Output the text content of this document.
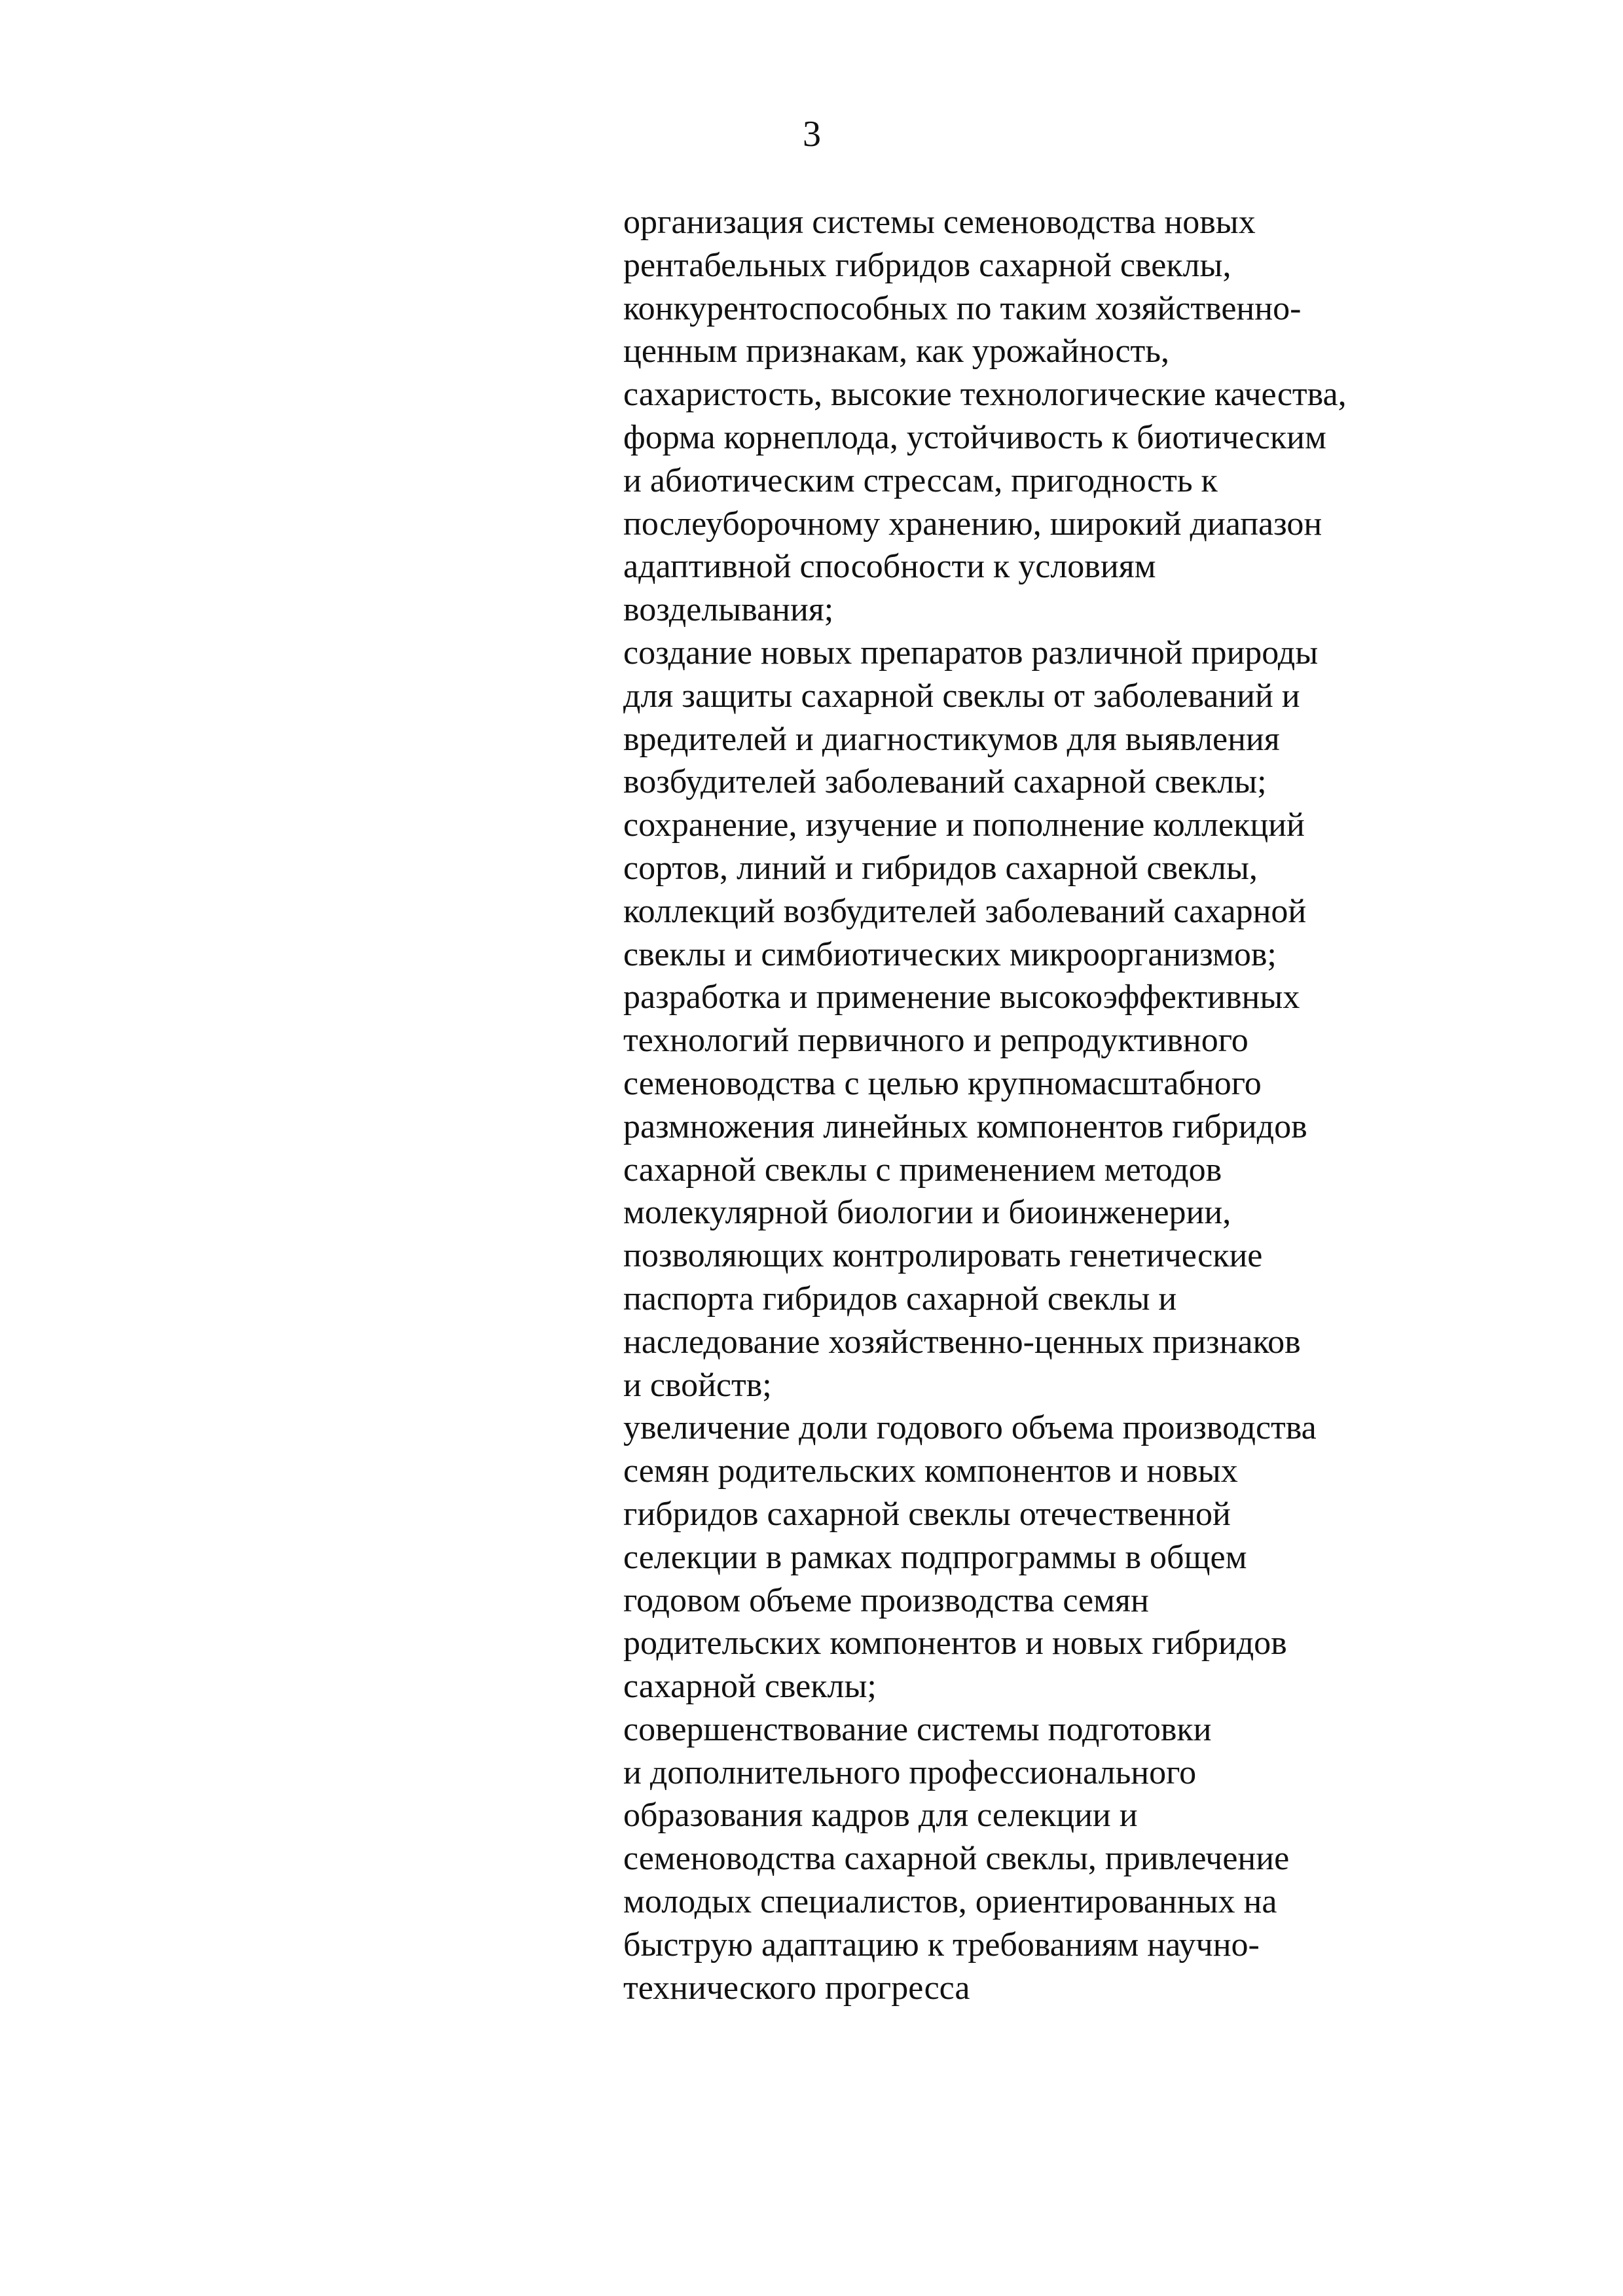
3
организация системы семеноводства новых
рентабельных гибридов сахарной свеклы,
конкурентоспособных по таким хозяйственно-
ценным признакам, как урожайность,
сахаристость, высокие технологические качества,
форма корнеплода, устойчивость к биотическим
и абиотическим стрессам, пригодность к
послеуборочному хранению, широкий диапазон
адаптивной способности к условиям
возделывания;
создание новых препаратов различной природы
для защиты сахарной свеклы от заболеваний и
вредителей и диагностикумов для выявления
возбудителей заболеваний сахарной свеклы;
сохранение, изучение и пополнение коллекций
сортов, линий и гибридов сахарной свеклы,
коллекций возбудителей заболеваний сахарной
свеклы и симбиотических микроорганизмов;
разработка и применение высокоэффективных
технологий первичного и репродуктивного
семеноводства с целью крупномасштабного
размножения линейных компонентов гибридов
сахарной свеклы с применением методов
молекулярной биологии и биоинженерии,
позволяющих контролировать генетические
паспорта гибридов сахарной свеклы и
наследование хозяйственно-ценных признаков
и свойств;
увеличение доли годового объема производства
семян родительских компонентов и новых
гибридов сахарной свеклы отечественной
селекции в рамках подпрограммы в общем
годовом объеме производства семян
родительских компонентов и новых гибридов
сахарной свеклы;
совершенствование системы подготовки
и дополнительного профессионального
образования кадров для селекции и
семеноводства сахарной свеклы, привлечение
молодых специалистов, ориентированных на
быструю адаптацию к требованиям научно-
технического прогресса
